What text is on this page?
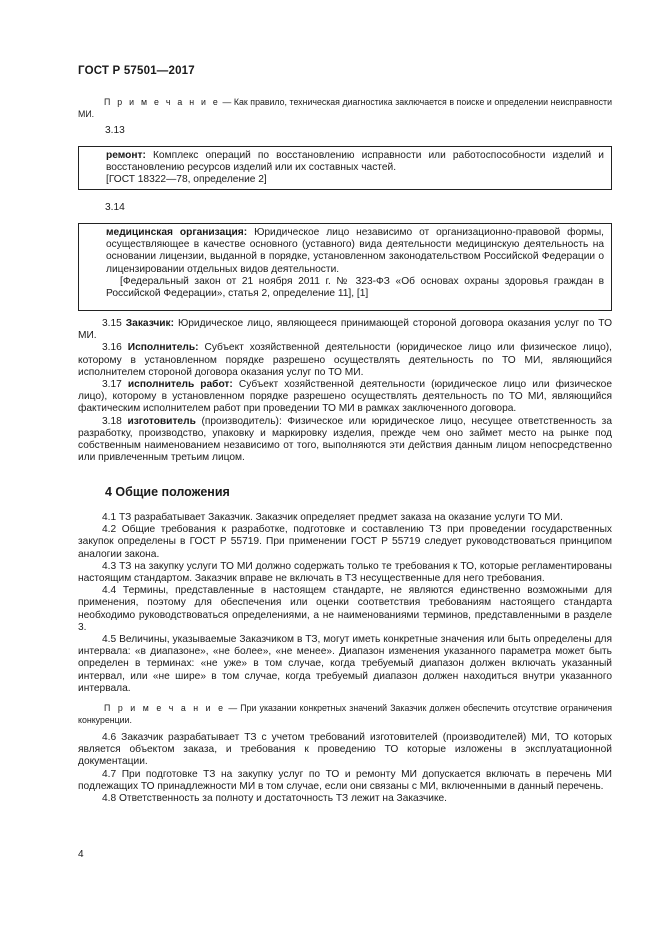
ГОСТ Р 57501—2017
П р и м е ч а н и е — Как правило, техническая диагностика заключается в поиске и определении неисправности МИ.
3.13

ремонт: Комплекс операций по восстановлению исправности или работоспособности изделий и восстановлению ресурсов изделий или их составных частей.

[ГОСТ 18322—78, определение 2]

3.14

медицинская организация: Юридическое лицо независимо от организационно-правовой формы, осуществляющее в качестве основного (уставного) вида деятельности медицинскую деятельность на основании лицензии, выданной в порядке, установленном законодательством Российской Федерации о лицензировании отдельных видов деятельности.

[Федеральный закон от 21 ноября 2011 г. № 323-ФЗ «Об основах охраны здоровья граждан в Российской Федерации», статья 2, определение 11], [1]

3.15 Заказчик: Юридическое лицо, являющееся принимающей стороной договора оказания услуг по ТО МИ.

3.16 Исполнитель: Субъект хозяйственной деятельности (юридическое лицо или физическое лицо), которому в установленном порядке разрешено осуществлять деятельность по ТО МИ, являющийся исполнителем стороной договора оказания услуг по ТО МИ.

3.17 исполнитель работ: Субъект хозяйственной деятельности (юридическое лицо или физическое лицо), которому в установленном порядке разрешено осуществлять деятельность по ТО МИ, являющийся фактическим исполнителем работ при проведении ТО МИ в рамках заключенного договора.

3.18 изготовитель (производитель): Физическое или юридическое лицо, несущее ответственность за разработку, производство, упаковку и маркировку изделия, прежде чем оно займет место на рынке под собственным наименованием независимо от того, выполняются эти действия данным лицом непосредственно или привлеченным третьим лицом.

4 Общие положения

4.1 ТЗ разрабатывает Заказчик. Заказчик определяет предмет заказа на оказание услуги ТО МИ.

4.2 Общие требования к разработке, подготовке и составлению ТЗ при проведении государственных закупок определены в ГОСТ Р 55719. При применении ГОСТ Р 55719 следует руководствоваться принципом аналогии закона.

4.3 ТЗ на закупку услуги ТО МИ должно содержать только те требования к ТО, которые регламентированы настоящим стандартом. Заказчик вправе не включать в ТЗ несущественные для него требования.

4.4 Термины, представленные в настоящем стандарте, не являются единственно возможными для применения, поэтому для обеспечения или оценки соответствия требованиям настоящего стандарта необходимо руководствоваться определениями, а не наименованиями терминов, представленными в разделе 3.

4.5 Величины, указываемые Заказчиком в ТЗ, могут иметь конкретные значения или быть определены для интервала: «в диапазоне», «не более», «не менее». Диапазон изменения указанного параметра может быть определен в терминах: «не уже» в том случае, когда требуемый диапазон должен включать указанный интервал, или «не шире» в том случае, когда требуемый диапазон должен находиться внутри указанного интервала.

П р и м е ч а н и е — При указании конкретных значений Заказчик должен обеспечить отсутствие ограничения конкуренции.

4.6 Заказчик разрабатывает ТЗ с учетом требований изготовителей (производителей) МИ, ТО которых является объектом заказа, и требования к проведению ТО которые изложены в эксплуатационной документации.

4.7 При подготовке ТЗ на закупку услуг по ТО и ремонту МИ допускается включать в перечень МИ подлежащих ТО принадлежности МИ в том случае, если они связаны с МИ, включенными в данный перечень.

4.8 Ответственность за полноту и достаточность ТЗ лежит на Заказчике.

4
